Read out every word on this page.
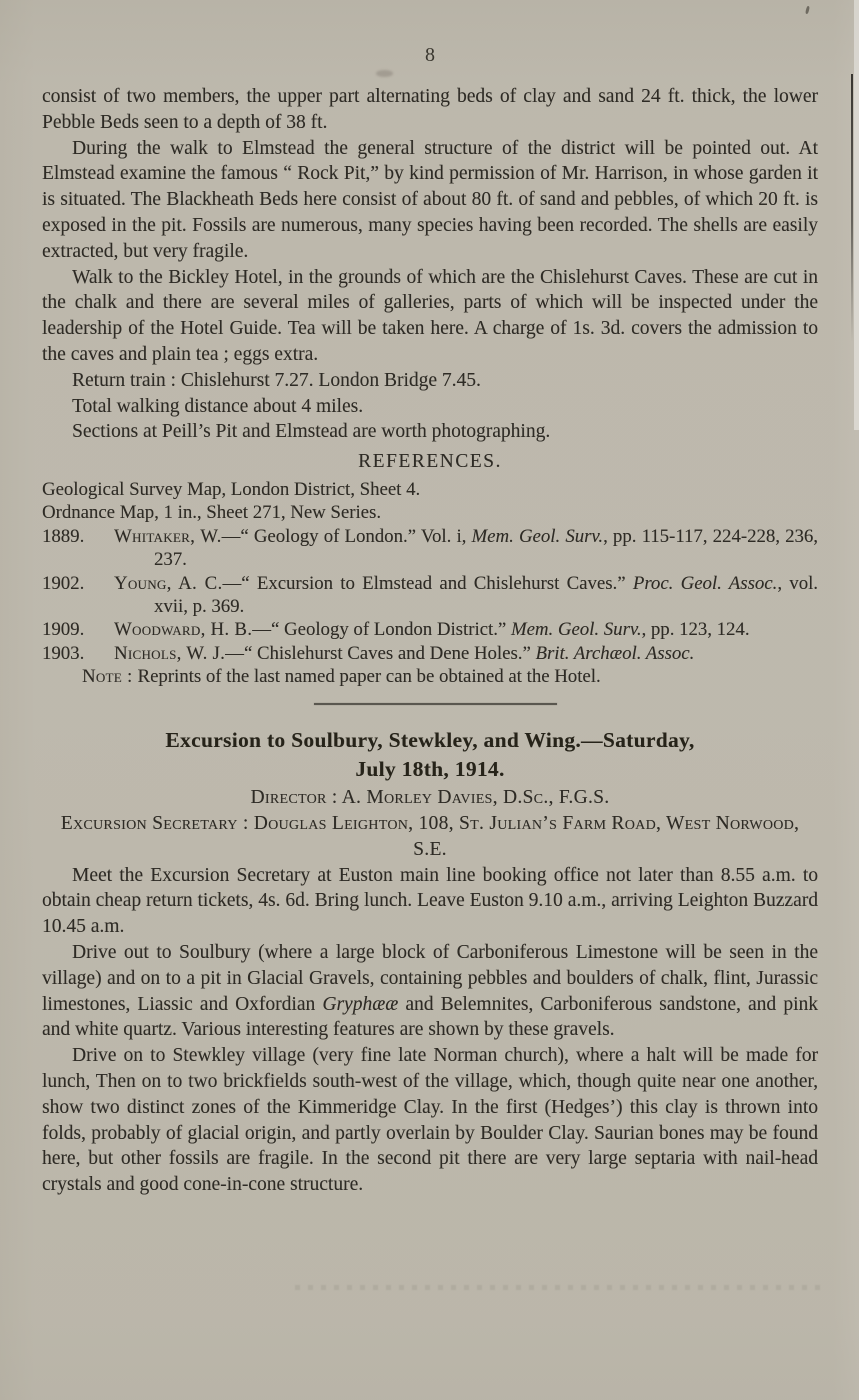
8

consist of two members, the upper part alternating beds of clay and sand 24 ft. thick, the lower Pebble Beds seen to a depth of 38 ft.

During the walk to Elmstead the general structure of the district will be pointed out. At Elmstead examine the famous “ Rock Pit,” by kind permission of Mr. Harrison, in whose garden it is situated. The Blackheath Beds here consist of about 80 ft. of sand and pebbles, of which 20 ft. is exposed in the pit. Fossils are numerous, many species having been recorded. The shells are easily extracted, but very fragile.

Walk to the Bickley Hotel, in the grounds of which are the Chislehurst Caves. These are cut in the chalk and there are several miles of galleries, parts of which will be inspected under the leadership of the Hotel Guide. Tea will be taken here. A charge of 1s. 3d. covers the admission to the caves and plain tea ; eggs extra.

Return train : Chislehurst 7.27. London Bridge 7.45.

Total walking distance about 4 miles.

Sections at Peill’s Pit and Elmstead are worth photographing.

REFERENCES.

Geological Survey Map, London District, Sheet 4.

Ordnance Map, 1 in., Sheet 271, New Series.

1889. Whitaker, W.—“ Geology of London.” Vol. i, Mem. Geol. Surv., pp. 115-117, 224-228, 236, 237.

1902. Young, A. C.—“ Excursion to Elmstead and Chislehurst Caves.” Proc. Geol. Assoc., vol. xvii, p. 369.

1909. Woodward, H. B.—“ Geology of London District.” Mem. Geol. Surv., pp. 123, 124.

1903. Nichols, W. J.—“ Chislehurst Caves and Dene Holes.” Brit. Archæol. Assoc.

Note : Reprints of the last named paper can be obtained at the Hotel.

Excursion to Soulbury, Stewkley, and Wing.—Saturday,
July 18th, 1914.

Director : A. Morley Davies, D.Sc., F.G.S.

Excursion Secretary : Douglas Leighton, 108, St. Julian’s Farm Road, West Norwood, S.E.

Meet the Excursion Secretary at Euston main line booking office not later than 8.55 a.m. to obtain cheap return tickets, 4s. 6d. Bring lunch. Leave Euston 9.10 a.m., arriving Leighton Buzzard 10.45 a.m.

Drive out to Soulbury (where a large block of Carboniferous Limestone will be seen in the village) and on to a pit in Glacial Gravels, containing pebbles and boulders of chalk, flint, Jurassic limestones, Liassic and Oxfordian Gryphææ and Belemnites, Carboniferous sandstone, and pink and white quartz. Various interesting features are shown by these gravels.

Drive on to Stewkley village (very fine late Norman church), where a halt will be made for lunch, Then on to two brickfields south-west of the village, which, though quite near one another, show two distinct zones of the Kimmeridge Clay. In the first (Hedges’) this clay is thrown into folds, probably of glacial origin, and partly overlain by Boulder Clay. Saurian bones may be found here, but other fossils are fragile. In the second pit there are very large septaria with nail-head crystals and good cone-in-cone structure.
